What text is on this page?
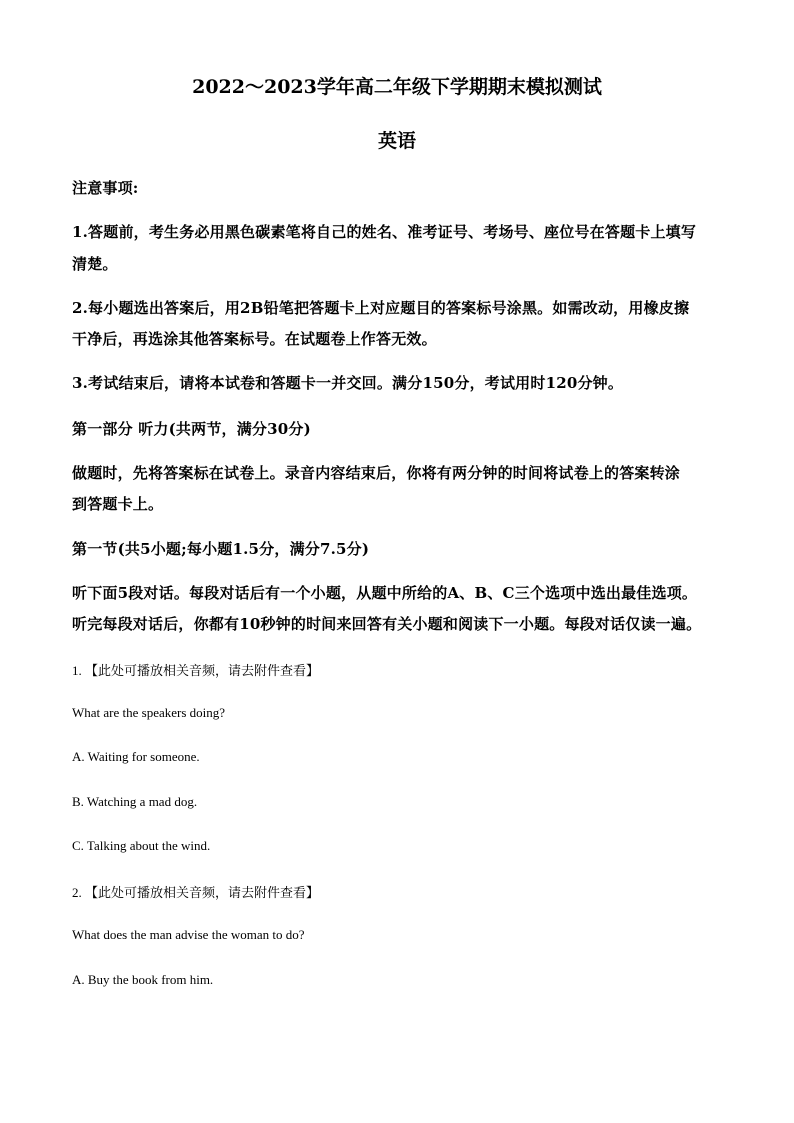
2022～2023学年高二年级下学期期末模拟测试
英语
注意事项:
1.答题前，考生务必用黑色碳素笔将自己的姓名、准考证号、考场号、座位号在答题卡上填写
清楚。
2.每小题选出答案后，用2B铅笔把答题卡上对应题目的答案标号涂黑。如需改动，用橡皮擦
干净后，再选涂其他答案标号。在试题卷上作答无效。
3.考试结束后，请将本试卷和答题卡一并交回。满分150分，考试用时120分钟。
第一部分 听力(共两节，满分30分)
做题时，先将答案标在试卷上。录音内容结束后，你将有两分钟的时间将试卷上的答案转涂
到答题卡上。
第一节(共5小题;每小题1.5分，满分7.5分)
听下面5段对话。每段对话后有一个小题，从题中所给的A、B、C三个选项中选出最佳选项。
听完每段对话后，你都有10秒钟的时间来回答有关小题和阅读下一小题。每段对话仅读一遍。
1. 【此处可播放相关音频，请去附件查看】
What are the speakers doing?
A. Waiting for someone.
B. Watching a mad dog.
C. Talking about the wind.
2. 【此处可播放相关音频，请去附件查看】
What does the man advise the woman to do?
A. Buy the book from him.
